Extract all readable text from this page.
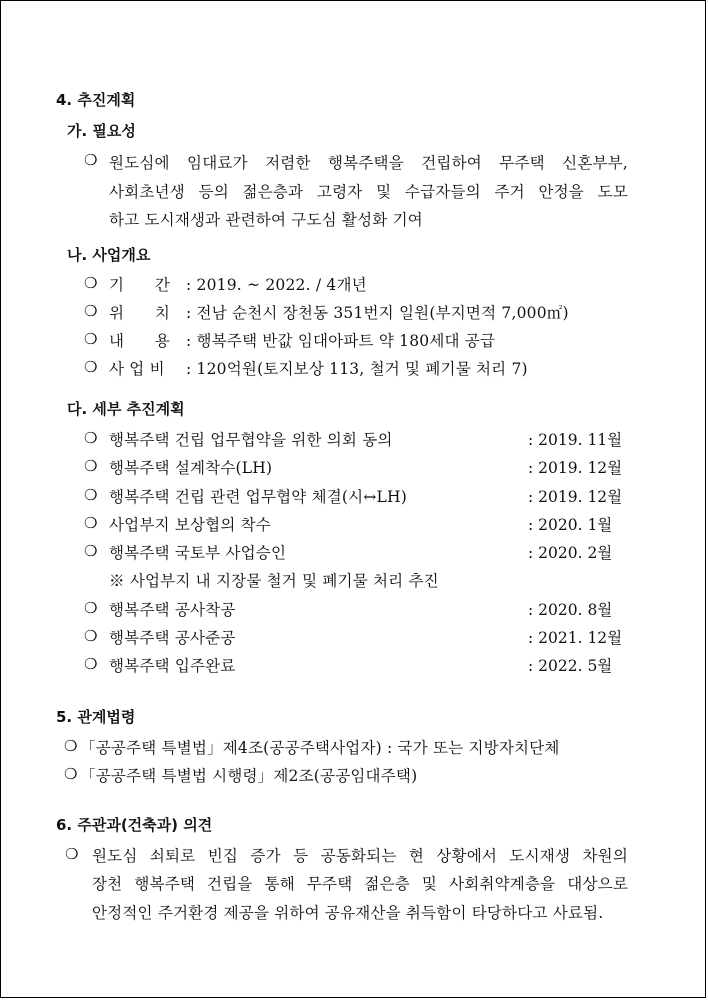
4. 추진계획
가. 필요성
❍ 원도심에 임대료가 저렴한 행복주택을 건립하여 무주택 신혼부부,
사회초년생 등의 젊은층과 고령자 및 수급자들의 주거 안정을 도모
하고 도시재생과 관련하여 구도심 활성화 기여
나. 사업개요
❍ 기      간	: 2019. ~ 2022. / 4개년
❍ 위      치	: 전남 순천시 장천동 351번지 일원(부지면적 7,000㎡)
❍ 내      용	: 행복주택 반값 임대아파트 약 180세대 공급
❍ 사 업 비	: 120억원(토지보상 113, 철거 및 폐기물 처리 7)
다. 세부 추진계획
❍ 행복주택 건립 업무협약을 위한 의회 동의	: 2019. 11월
❍ 행복주택 설계착수(LH)	: 2019. 12월
❍ 행복주택 건립 관련 업무협약 체결(시↔LH)	: 2019. 12월
❍ 사업부지 보상협의 착수	: 2020. 1월
❍ 행복주택 국토부 사업승인	: 2020. 2월
※ 사업부지 내 지장물 철거 및 폐기물 처리 추진
❍ 행복주택 공사착공	: 2020. 8월
❍ 행복주택 공사준공	: 2021. 12월
❍ 행복주택 입주완료	: 2022. 5월
5. 관계법령
❍ 「공공주택 특별법」제4조(공공주택사업자) : 국가 또는 지방자치단체
❍ 「공공주택 특별법 시행령」제2조(공공임대주택)
6. 주관과(건축과) 의견
❍ 원도심 쇠퇴로 빈집 증가 등 공동화되는 현 상황에서 도시재생 차원의
장천 행복주택 건립을 통해 무주택 젊은층 및 사회취약계층을 대상으로
안정적인 주거환경 제공을 위하여 공유재산을 취득함이 타당하다고 사료됨.
